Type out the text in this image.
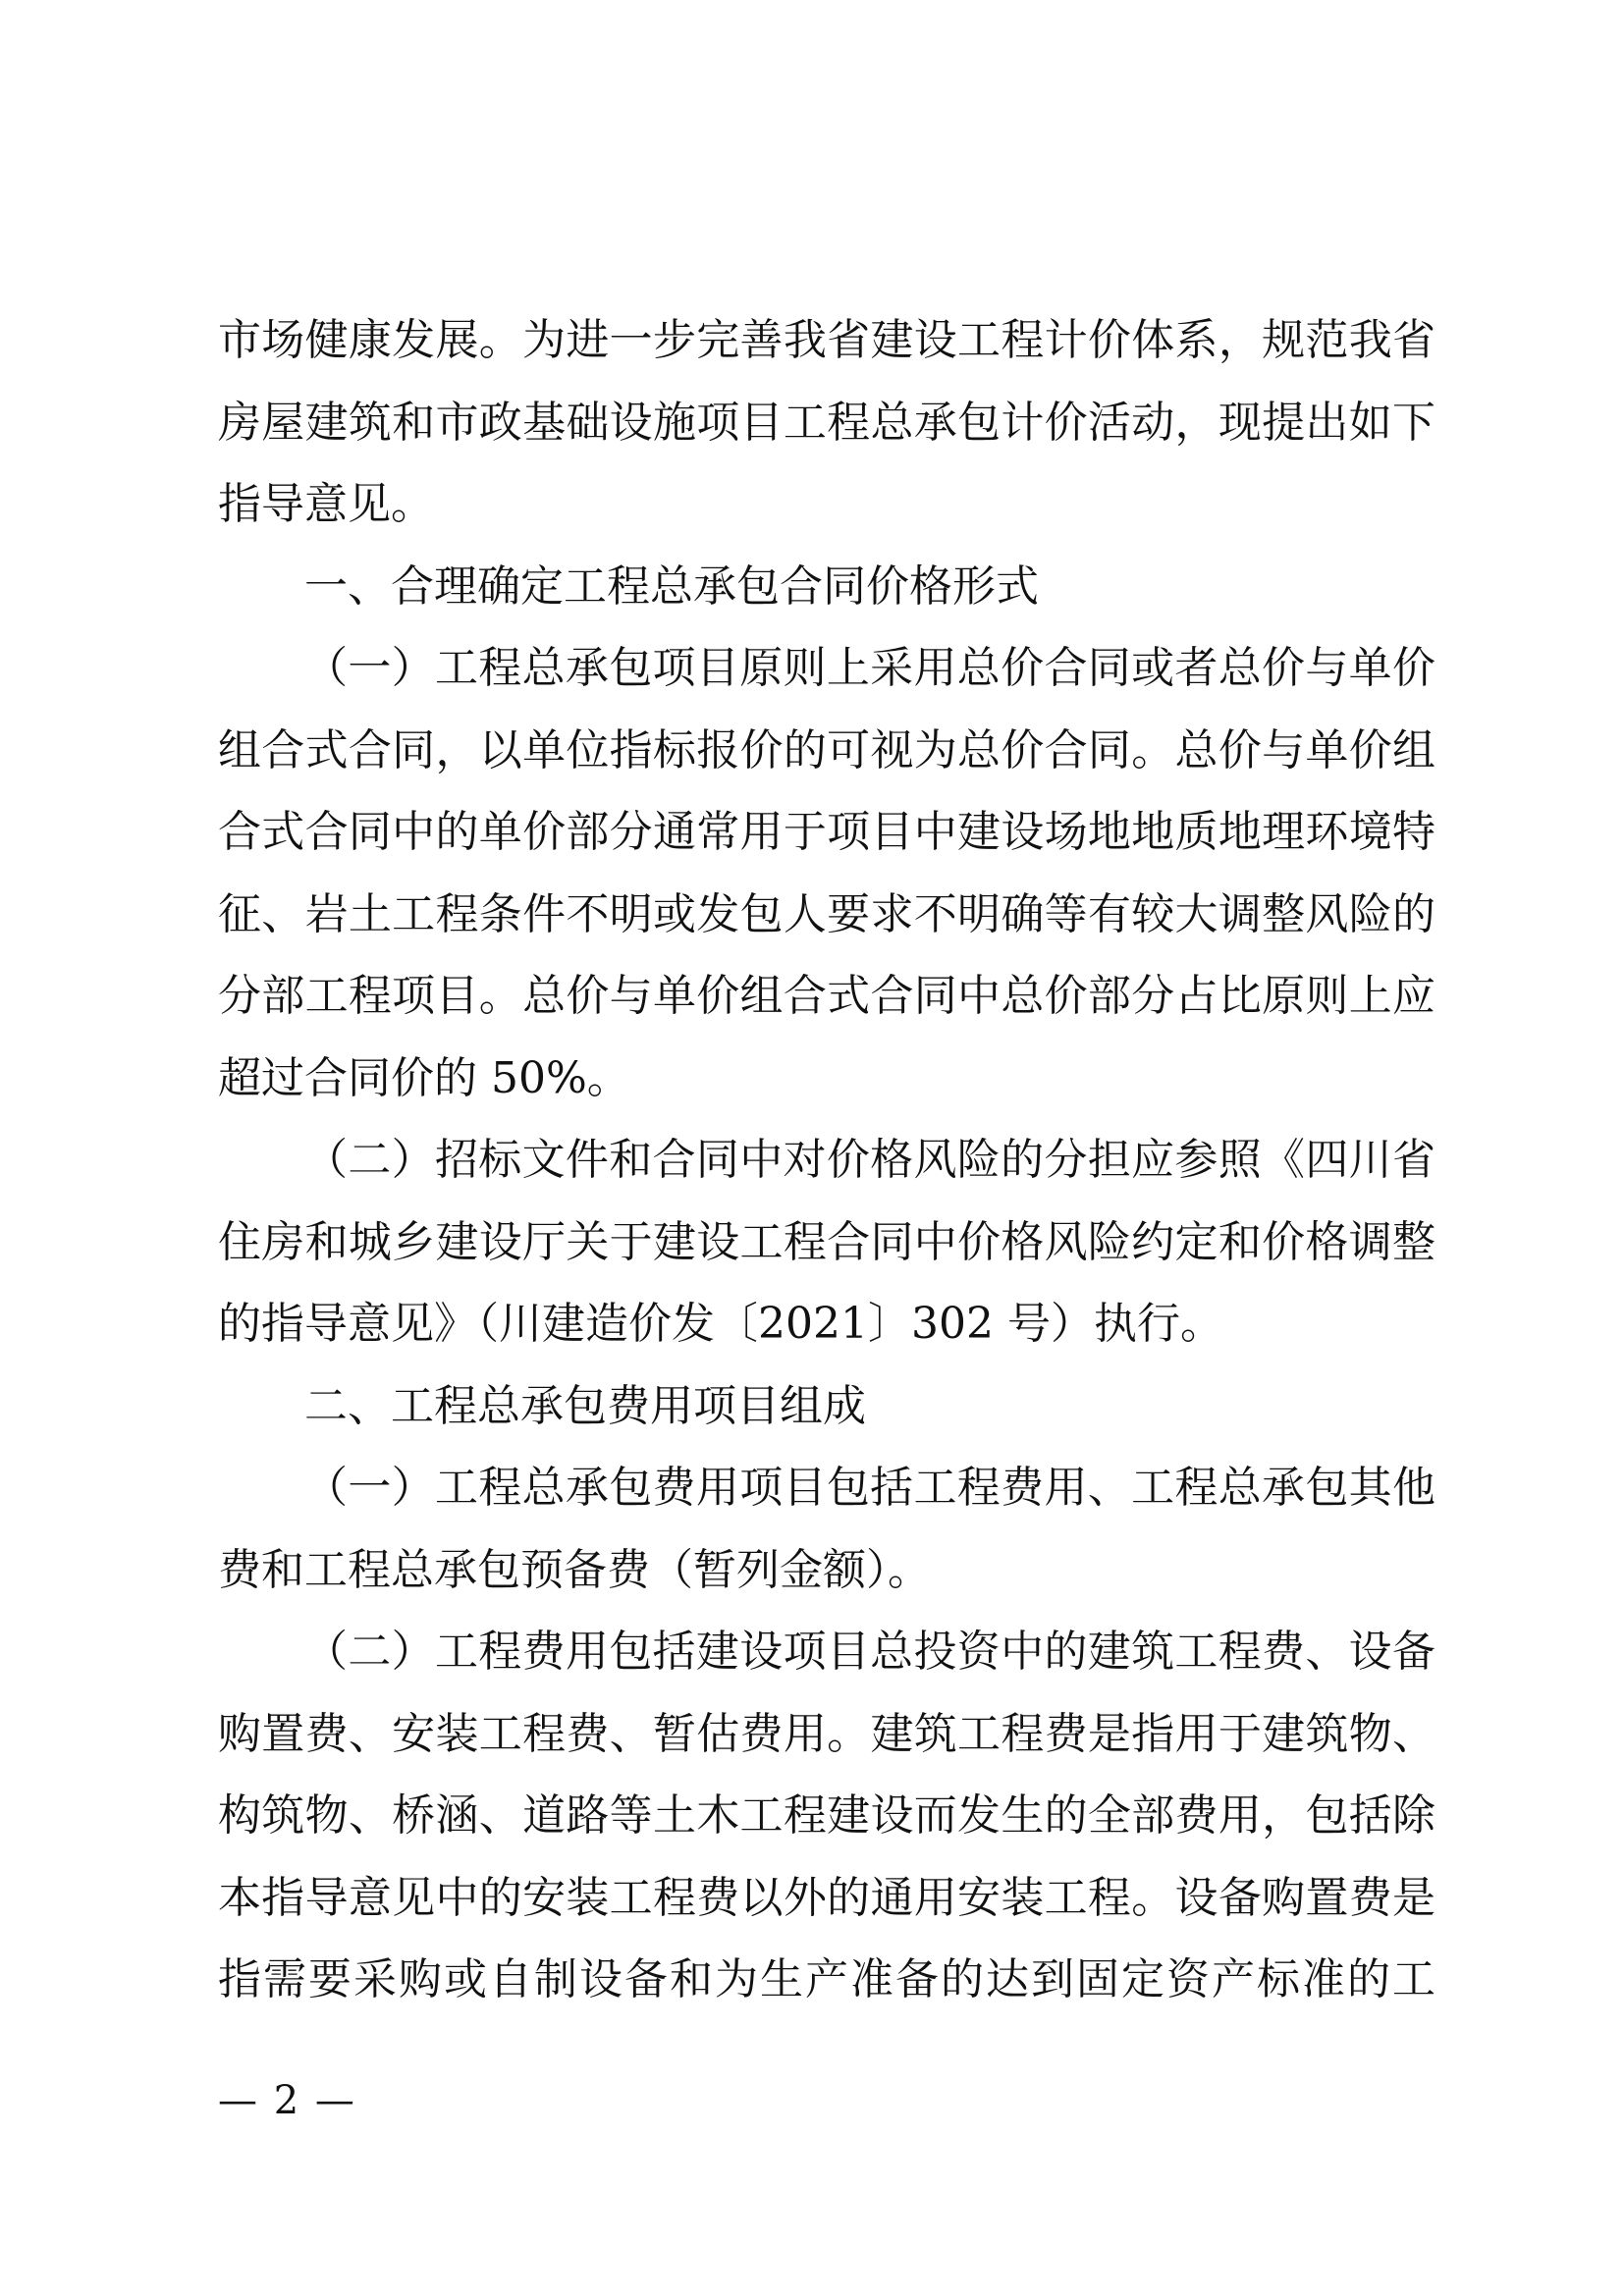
市场健康发展。为进一步完善我省建设工程计价体系，规范我省
房屋建筑和市政基础设施项目工程总承包计价活动，现提出如下
指导意见。
一、合理确定工程总承包合同价格形式
（一）工程总承包项目原则上采用总价合同或者总价与单价
组合式合同，以单位指标报价的可视为总价合同。总价与单价组
合式合同中的单价部分通常用于项目中建设场地地质地理环境特
征、岩土工程条件不明或发包人要求不明确等有较大调整风险的
分部工程项目。总价与单价组合式合同中总价部分占比原则上应
超过合同价的 50%。
（二）招标文件和合同中对价格风险的分担应参照《四川省
住房和城乡建设厅关于建设工程合同中价格风险约定和价格调整
的指导意见》（川建造价发〔2021〕302 号）执行。
二、工程总承包费用项目组成
（一）工程总承包费用项目包括工程费用、工程总承包其他
费和工程总承包预备费（暂列金额）。
（二）工程费用包括建设项目总投资中的建筑工程费、设备
购置费、安装工程费、暂估费用。建筑工程费是指用于建筑物、
构筑物、桥涵、道路等土木工程建设而发生的全部费用，包括除
本指导意见中的安装工程费以外的通用安装工程。设备购置费是
指需要采购或自制设备和为生产准备的达到固定资产标准的工
— 2 —
